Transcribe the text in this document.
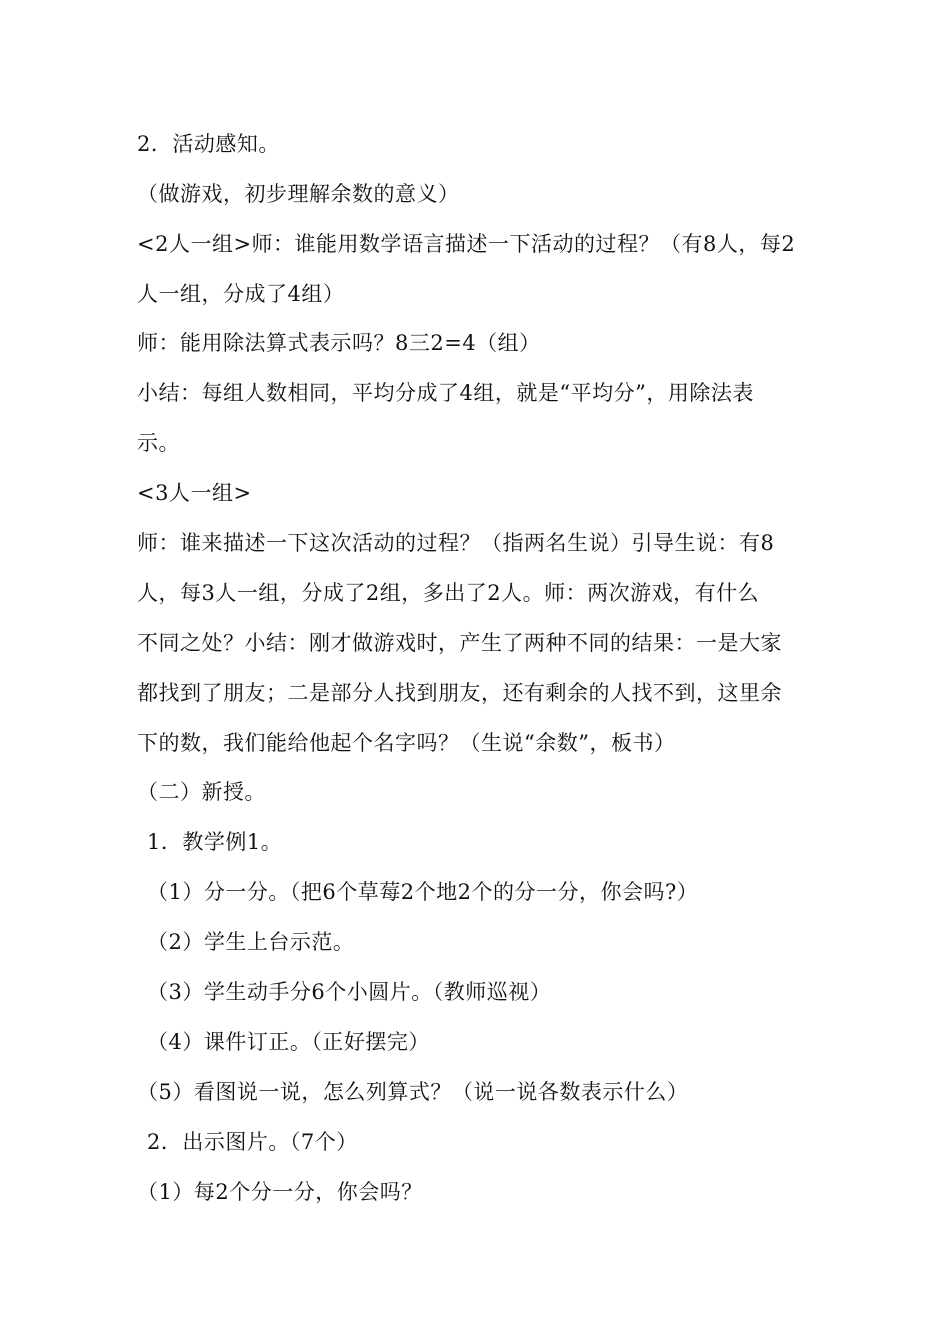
2．活动感知。
（做游戏，初步理解余数的意义）
<2人一组>师：谁能用数学语言描述一下活动的过程？（有8人，每2
人一组，分成了4组）
师：能用除法算式表示吗？8三2=4（组）
小结：每组人数相同，平均分成了4组，就是“平均分”，用除法表
示。
<3人一组>
师：谁来描述一下这次活动的过程？（指两名生说）引导生说：有8
人，每3人一组，分成了2组，多出了2人。师：两次游戏，有什么
不同之处？小结：刚才做游戏时，产生了两种不同的结果：一是大家
都找到了朋友；二是部分人找到朋友，还有剩余的人找不到，这里余
下的数，我们能给他起个名字吗？（生说“余数”，板书）
（二）新授。
1．教学例1。
（1）分一分。（把6个草莓2个地2个的分一分，你会吗?）
（2）学生上台示范。
（3）学生动手分6个小圆片。（教师巡视）
（4）课件订正。（正好摆完）
（5）看图说一说，怎么列算式？（说一说各数表示什么）
2．出示图片。（7个）
（1）每2个分一分，你会吗？
